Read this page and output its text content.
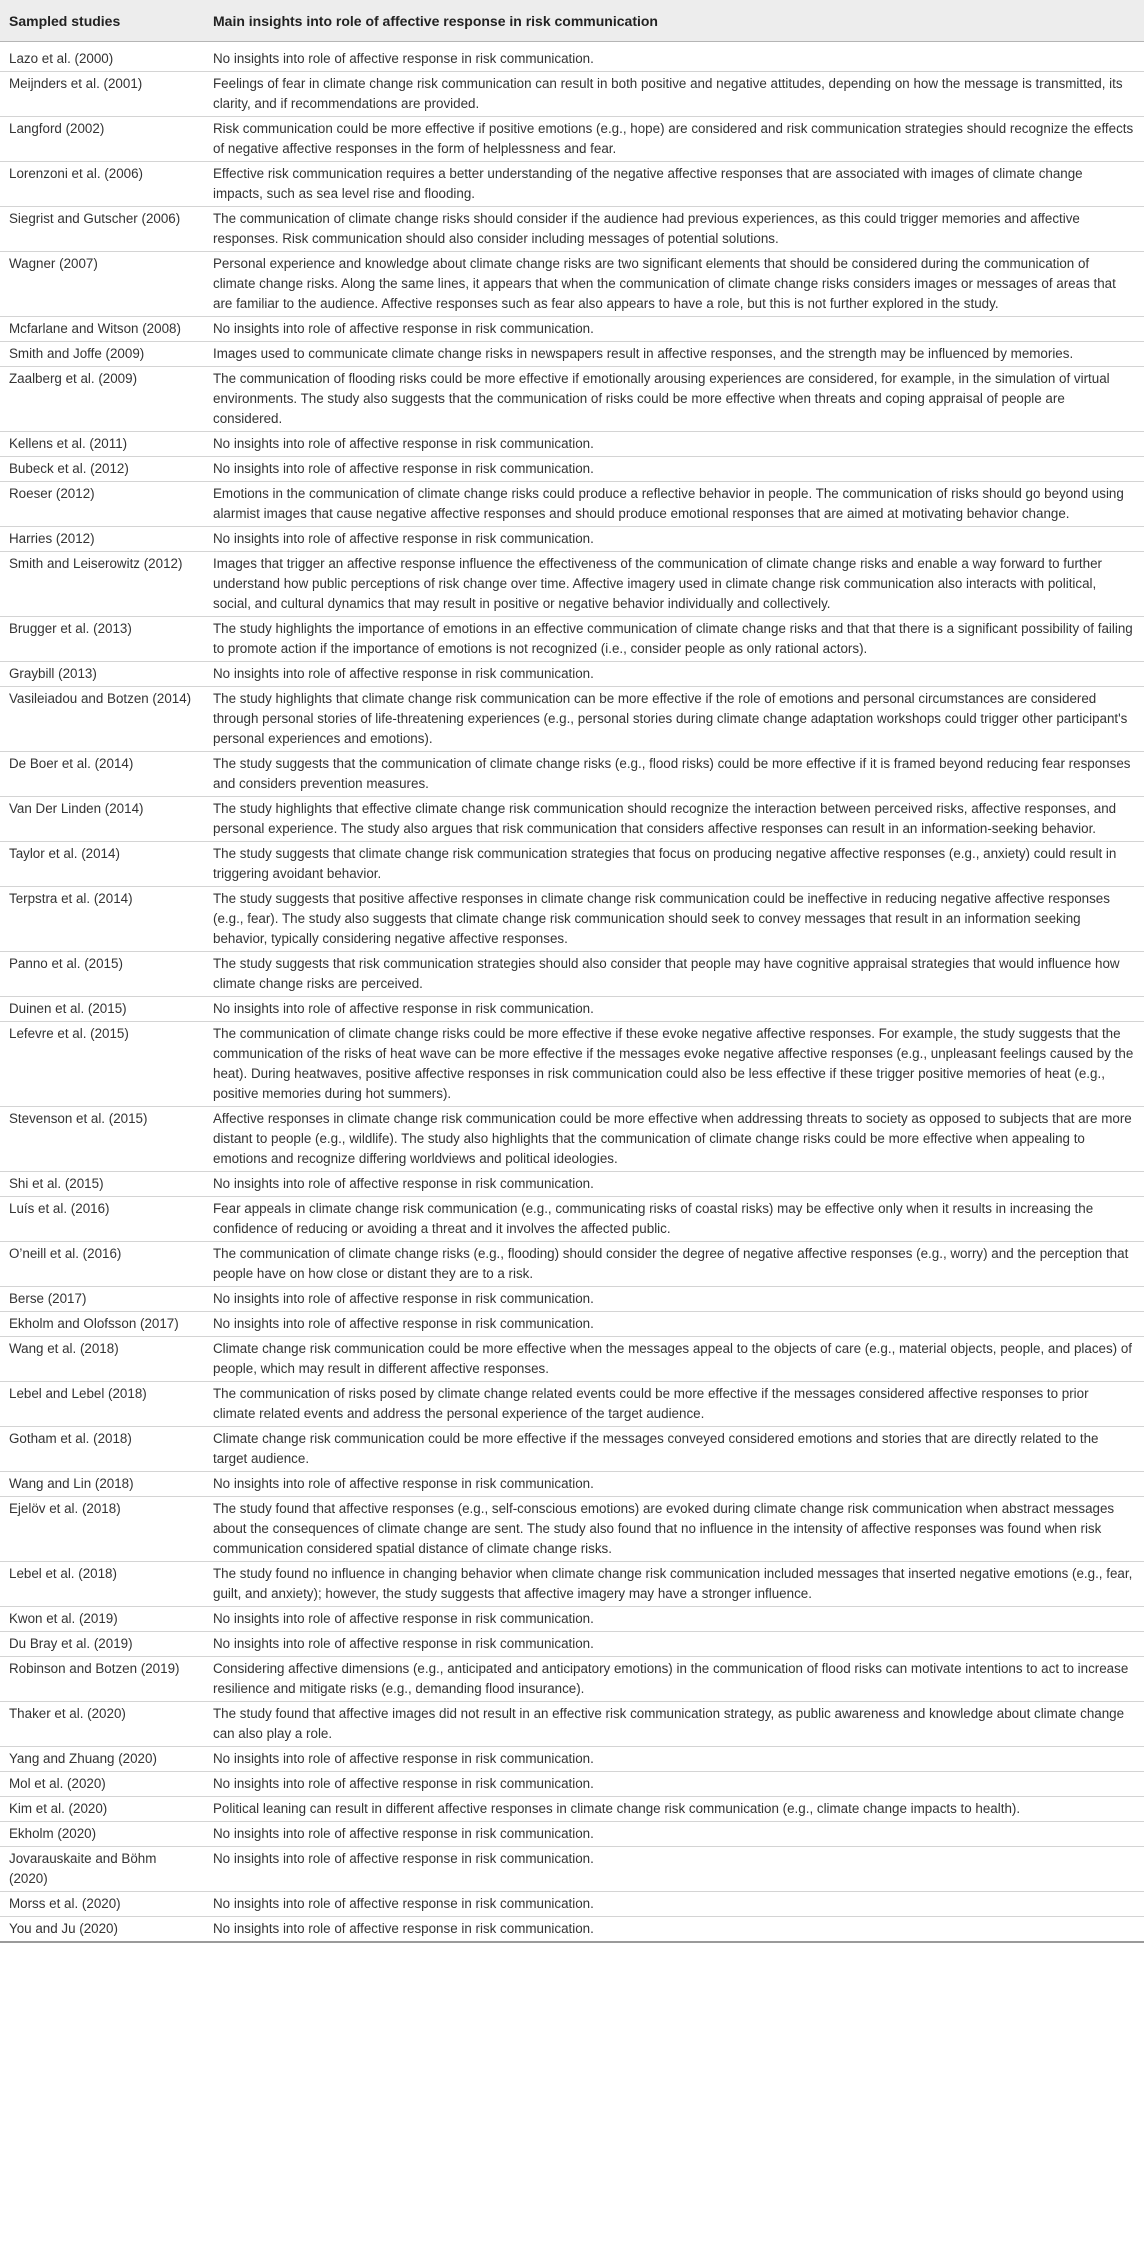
Sampled studies	Main insights into role of affective response in risk communication
Lazo et al. (2000)	No insights into role of affective response in risk communication.
Meijnders et al. (2001)	Feelings of fear in climate change risk communication can result in both positive and negative attitudes, depending on how the message is transmitted, its clarity, and if recommendations are provided.
Langford (2002)	Risk communication could be more effective if positive emotions (e.g., hope) are considered and risk communication strategies should recognize the effects of negative affective responses in the form of helplessness and fear.
Lorenzoni et al. (2006)	Effective risk communication requires a better understanding of the negative affective responses that are associated with images of climate change impacts, such as sea level rise and flooding.
Siegrist and Gutscher (2006)	The communication of climate change risks should consider if the audience had previous experiences, as this could trigger memories and affective responses. Risk communication should also consider including messages of potential solutions.
Wagner (2007)	Personal experience and knowledge about climate change risks are two significant elements that should be considered during the communication of climate change risks. Along the same lines, it appears that when the communication of climate change risks considers images or messages of areas that are familiar to the audience. Affective responses such as fear also appears to have a role, but this is not further explored in the study.
Mcfarlane and Witson (2008)	No insights into role of affective response in risk communication.
Smith and Joffe (2009)	Images used to communicate climate change risks in newspapers result in affective responses, and the strength may be influenced by memories.
Zaalberg et al. (2009)	The communication of flooding risks could be more effective if emotionally arousing experiences are considered, for example, in the simulation of virtual environments. The study also suggests that the communication of risks could be more effective when threats and coping appraisal of people are considered.
Kellens et al. (2011)	No insights into role of affective response in risk communication.
Bubeck et al. (2012)	No insights into role of affective response in risk communication.
Roeser (2012)	Emotions in the communication of climate change risks could produce a reflective behavior in people. The communication of risks should go beyond using alarmist images that cause negative affective responses and should produce emotional responses that are aimed at motivating behavior change.
Harries (2012)	No insights into role of affective response in risk communication.
Smith and Leiserowitz (2012)	Images that trigger an affective response influence the effectiveness of the communication of climate change risks and enable a way forward to further understand how public perceptions of risk change over time. Affective imagery used in climate change risk communication also interacts with political, social, and cultural dynamics that may result in positive or negative behavior individually and collectively.
Brugger et al. (2013)	The study highlights the importance of emotions in an effective communication of climate change risks and that that there is a significant possibility of failing to promote action if the importance of emotions is not recognized (i.e., consider people as only rational actors).
Graybill (2013)	No insights into role of affective response in risk communication.
Vasileiadou and Botzen (2014)	The study highlights that climate change risk communication can be more effective if the role of emotions and personal circumstances are considered through personal stories of life-threatening experiences (e.g., personal stories during climate change adaptation workshops could trigger other participant's personal experiences and emotions).
De Boer et al. (2014)	The study suggests that the communication of climate change risks (e.g., flood risks) could be more effective if it is framed beyond reducing fear responses and considers prevention measures.
Van Der Linden (2014)	The study highlights that effective climate change risk communication should recognize the interaction between perceived risks, affective responses, and personal experience. The study also argues that risk communication that considers affective responses can result in an information-seeking behavior.
Taylor et al. (2014)	The study suggests that climate change risk communication strategies that focus on producing negative affective responses (e.g., anxiety) could result in triggering avoidant behavior.
Terpstra et al. (2014)	The study suggests that positive affective responses in climate change risk communication could be ineffective in reducing negative affective responses (e.g., fear). The study also suggests that climate change risk communication should seek to convey messages that result in an information seeking behavior, typically considering negative affective responses.
Panno et al. (2015)	The study suggests that risk communication strategies should also consider that people may have cognitive appraisal strategies that would influence how climate change risks are perceived.
Duinen et al. (2015)	No insights into role of affective response in risk communication.
Lefevre et al. (2015)	The communication of climate change risks could be more effective if these evoke negative affective responses. For example, the study suggests that the communication of the risks of heat wave can be more effective if the messages evoke negative affective responses (e.g., unpleasant feelings caused by the heat). During heatwaves, positive affective responses in risk communication could also be less effective if these trigger positive memories of heat (e.g., positive memories during hot summers).
Stevenson et al. (2015)	Affective responses in climate change risk communication could be more effective when addressing threats to society as opposed to subjects that are more distant to people (e.g., wildlife). The study also highlights that the communication of climate change risks could be more effective when appealing to emotions and recognize differing worldviews and political ideologies.
Shi et al. (2015)	No insights into role of affective response in risk communication.
Luís et al. (2016)	Fear appeals in climate change risk communication (e.g., communicating risks of coastal risks) may be effective only when it results in increasing the confidence of reducing or avoiding a threat and it involves the affected public.
O’neill et al. (2016)	The communication of climate change risks (e.g., flooding) should consider the degree of negative affective responses (e.g., worry) and the perception that people have on how close or distant they are to a risk.
Berse (2017)	No insights into role of affective response in risk communication.
Ekholm and Olofsson (2017)	No insights into role of affective response in risk communication.
Wang et al. (2018)	Climate change risk communication could be more effective when the messages appeal to the objects of care (e.g., material objects, people, and places) of people, which may result in different affective responses.
Lebel and Lebel (2018)	The communication of risks posed by climate change related events could be more effective if the messages considered affective responses to prior climate related events and address the personal experience of the target audience.
Gotham et al. (2018)	Climate change risk communication could be more effective if the messages conveyed considered emotions and stories that are directly related to the target audience.
Wang and Lin (2018)	No insights into role of affective response in risk communication.
Ejelöv et al. (2018)	The study found that affective responses (e.g., self-conscious emotions) are evoked during climate change risk communication when abstract messages about the consequences of climate change are sent. The study also found that no influence in the intensity of affective responses was found when risk communication considered spatial distance of climate change risks.
Lebel et al. (2018)	The study found no influence in changing behavior when climate change risk communication included messages that inserted negative emotions (e.g., fear, guilt, and anxiety); however, the study suggests that affective imagery may have a stronger influence.
Kwon et al. (2019)	No insights into role of affective response in risk communication.
Du Bray et al. (2019)	No insights into role of affective response in risk communication.
Robinson and Botzen (2019)	Considering affective dimensions (e.g., anticipated and anticipatory emotions) in the communication of flood risks can motivate intentions to act to increase resilience and mitigate risks (e.g., demanding flood insurance).
Thaker et al. (2020)	The study found that affective images did not result in an effective risk communication strategy, as public awareness and knowledge about climate change can also play a role.
Yang and Zhuang (2020)	No insights into role of affective response in risk communication.
Mol et al. (2020)	No insights into role of affective response in risk communication.
Kim et al. (2020)	Political leaning can result in different affective responses in climate change risk communication (e.g., climate change impacts to health).
Ekholm (2020)	No insights into role of affective response in risk communication.
Jovarauskaite and Böhm (2020)	No insights into role of affective response in risk communication.
Morss et al. (2020)	No insights into role of affective response in risk communication.
You and Ju (2020)	No insights into role of affective response in risk communication.
